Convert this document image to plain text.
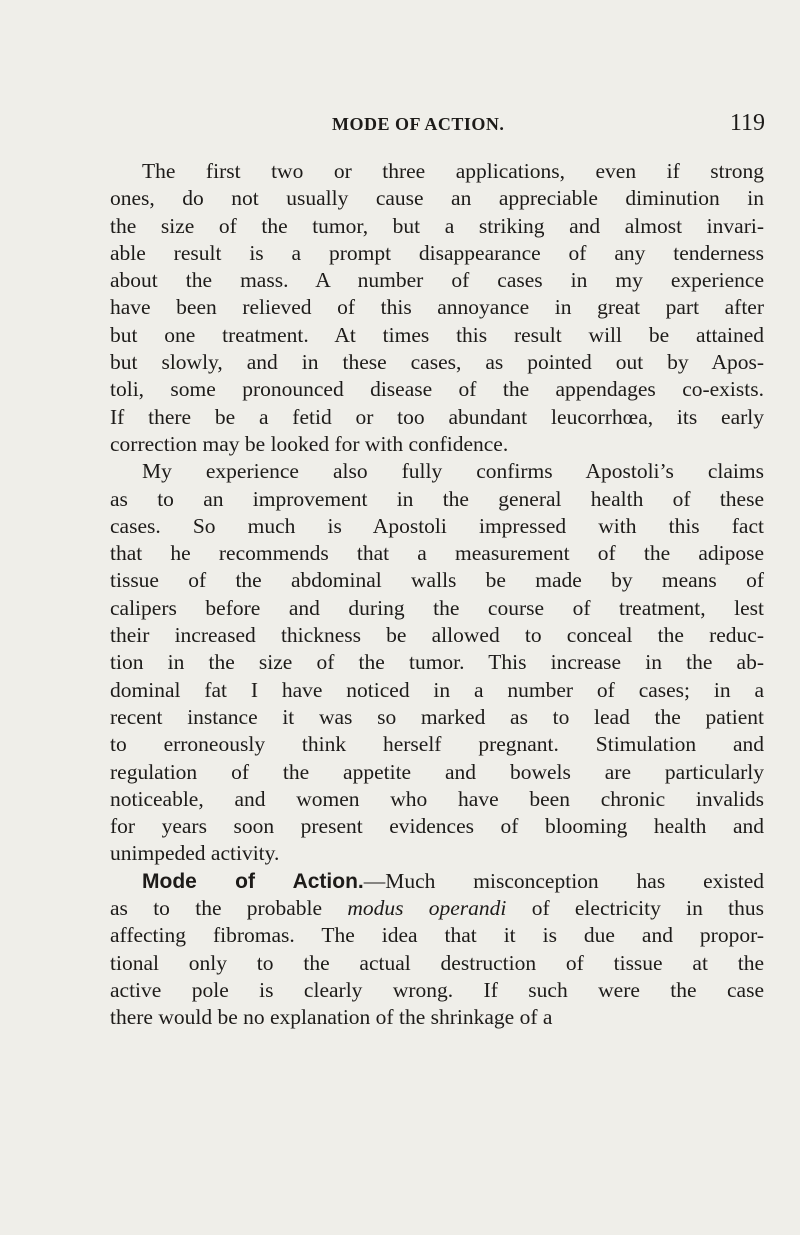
MODE OF ACTION.	119
The first two or three applications, even if strong
ones, do not usually cause an appreciable diminution in
the size of the tumor, but a striking and almost invari-
able result is a prompt disappearance of any tenderness
about the mass. A number of cases in my experience
have been relieved of this annoyance in great part after
but one treatment. At times this result will be attained
but slowly, and in these cases, as pointed out by Apos-
toli, some pronounced disease of the appendages co-exists.
If there be a fetid or too abundant leucorrhœa, its early
correction may be looked for with confidence.
My experience also fully confirms Apostoli’s claims
as to an improvement in the general health of these
cases. So much is Apostoli impressed with this fact
that he recommends that a measurement of the adipose
tissue of the abdominal walls be made by means of
calipers before and during the course of treatment, lest
their increased thickness be allowed to conceal the reduc-
tion in the size of the tumor. This increase in the ab-
dominal fat I have noticed in a number of cases; in a
recent instance it was so marked as to lead the patient
to erroneously think herself pregnant. Stimulation and
regulation of the appetite and bowels are particularly
noticeable, and women who have been chronic invalids
for years soon present evidences of blooming health and
unimpeded activity.
Mode of Action.—Much misconception has existed
as to the probable modus operandi of electricity in thus
affecting fibromas. The idea that it is due and propor-
tional only to the actual destruction of tissue at the
active pole is clearly wrong. If such were the case
there would be no explanation of the shrinkage of a
